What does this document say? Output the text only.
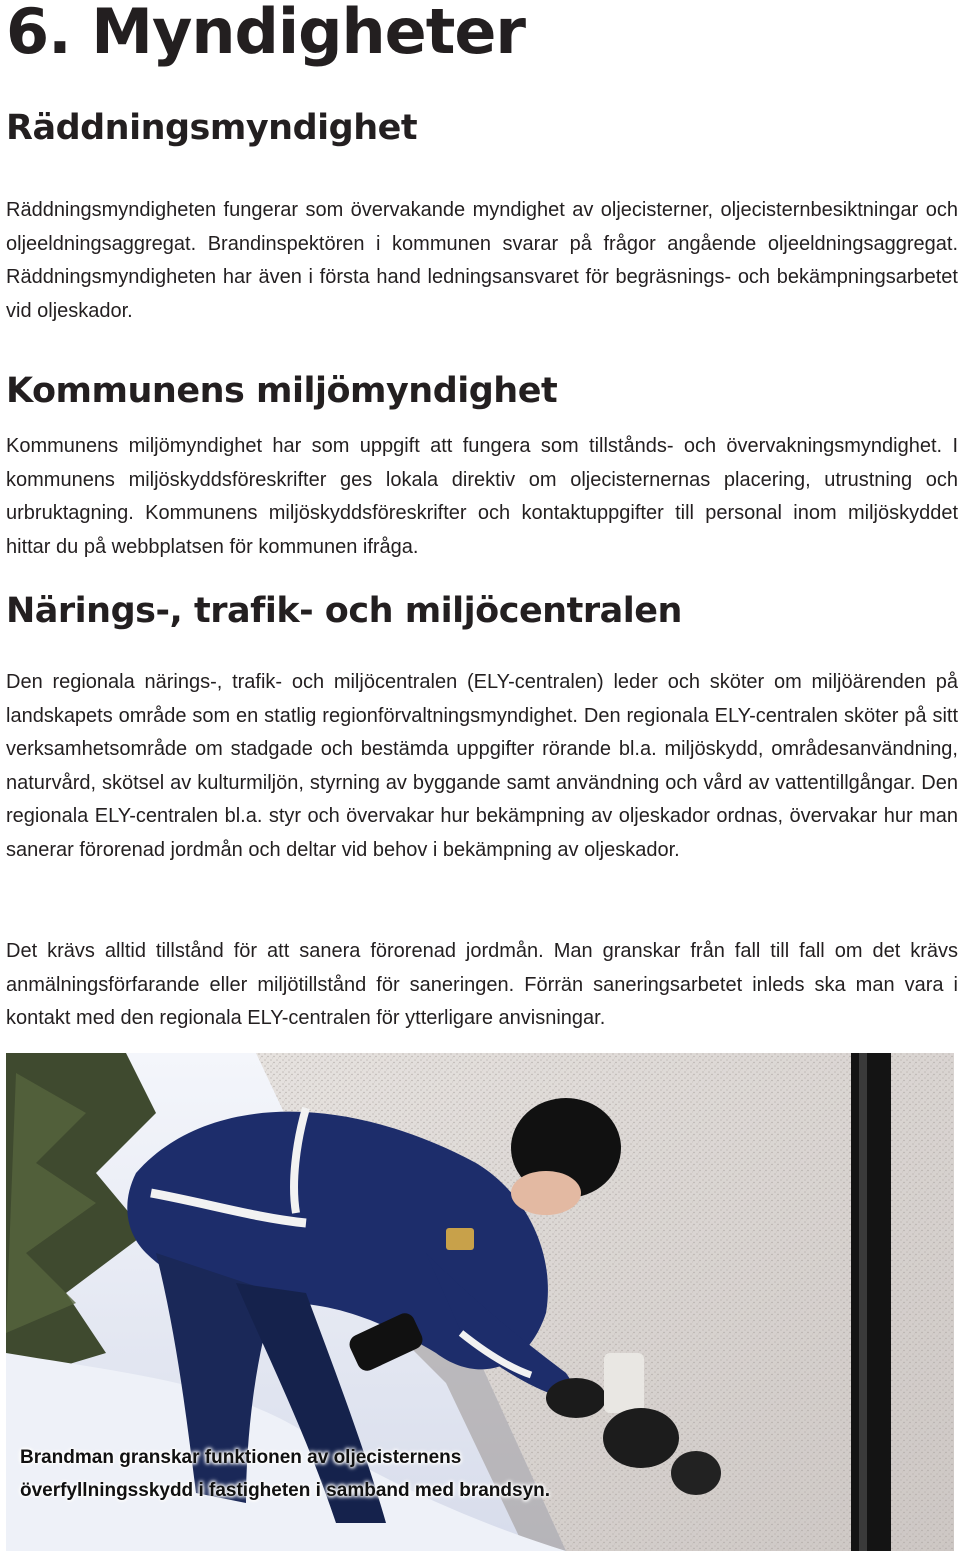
6. Myndigheter
Räddningsmyndighet

Räddningsmyndigheten fungerar som övervakande myndighet av oljecisterner, oljecisternbesiktningar och oljeeldningsaggregat. Brandinspektören i kommunen svarar på frågor angående oljeeldningsaggregat. Räddningsmyndigheten har även i första hand ledningsansvaret för begräsnings- och bekämpningsarbetet vid oljeskador.

Kommunens miljömyndighet

Kommunens miljömyndighet har som uppgift att fungera som tillstånds- och övervakningsmyndighet. I kommunens miljöskyddsföreskrifter ges lokala direktiv om oljecisternernas placering, utrustning och urbruktagning. Kommunens miljöskyddsföreskrifter och kontaktuppgifter till personal inom miljöskyddet hittar du på webbplatsen för kommunen ifråga.

Närings-, trafik- och miljöcentralen

Den regionala närings-, trafik- och miljöcentralen (ELY-centralen) leder och sköter om miljöärenden på landskapets område som en statlig regionförvaltningsmyndighet. Den regionala ELY-centralen sköter på sitt verksamhetsområde om stadgade och bestämda uppgifter rörande bl.a. miljöskydd, områdesanvändning, naturvård, skötsel av kulturmiljön, styrning av byggande samt användning och vård av vattentillgångar. Den regionala ELY-centralen bl.a. styr och övervakar hur bekämpning av oljeskador ordnas, övervakar hur man sanerar förorenad jordmån och deltar vid behov i bekämpning av oljeskador.

Det krävs alltid tillstånd för att sanera förorenad jordmån. Man granskar från fall till fall om det krävs anmälningsförfarande eller miljötillstånd för saneringen. Förrän saneringsarbetet inleds ska man vara i kontakt med den regionala ELY-centralen för ytterligare anvisningar.

Brandman granskar funktionen av oljecisternens överfyllningsskydd i fastigheten i samband med brandsyn.
